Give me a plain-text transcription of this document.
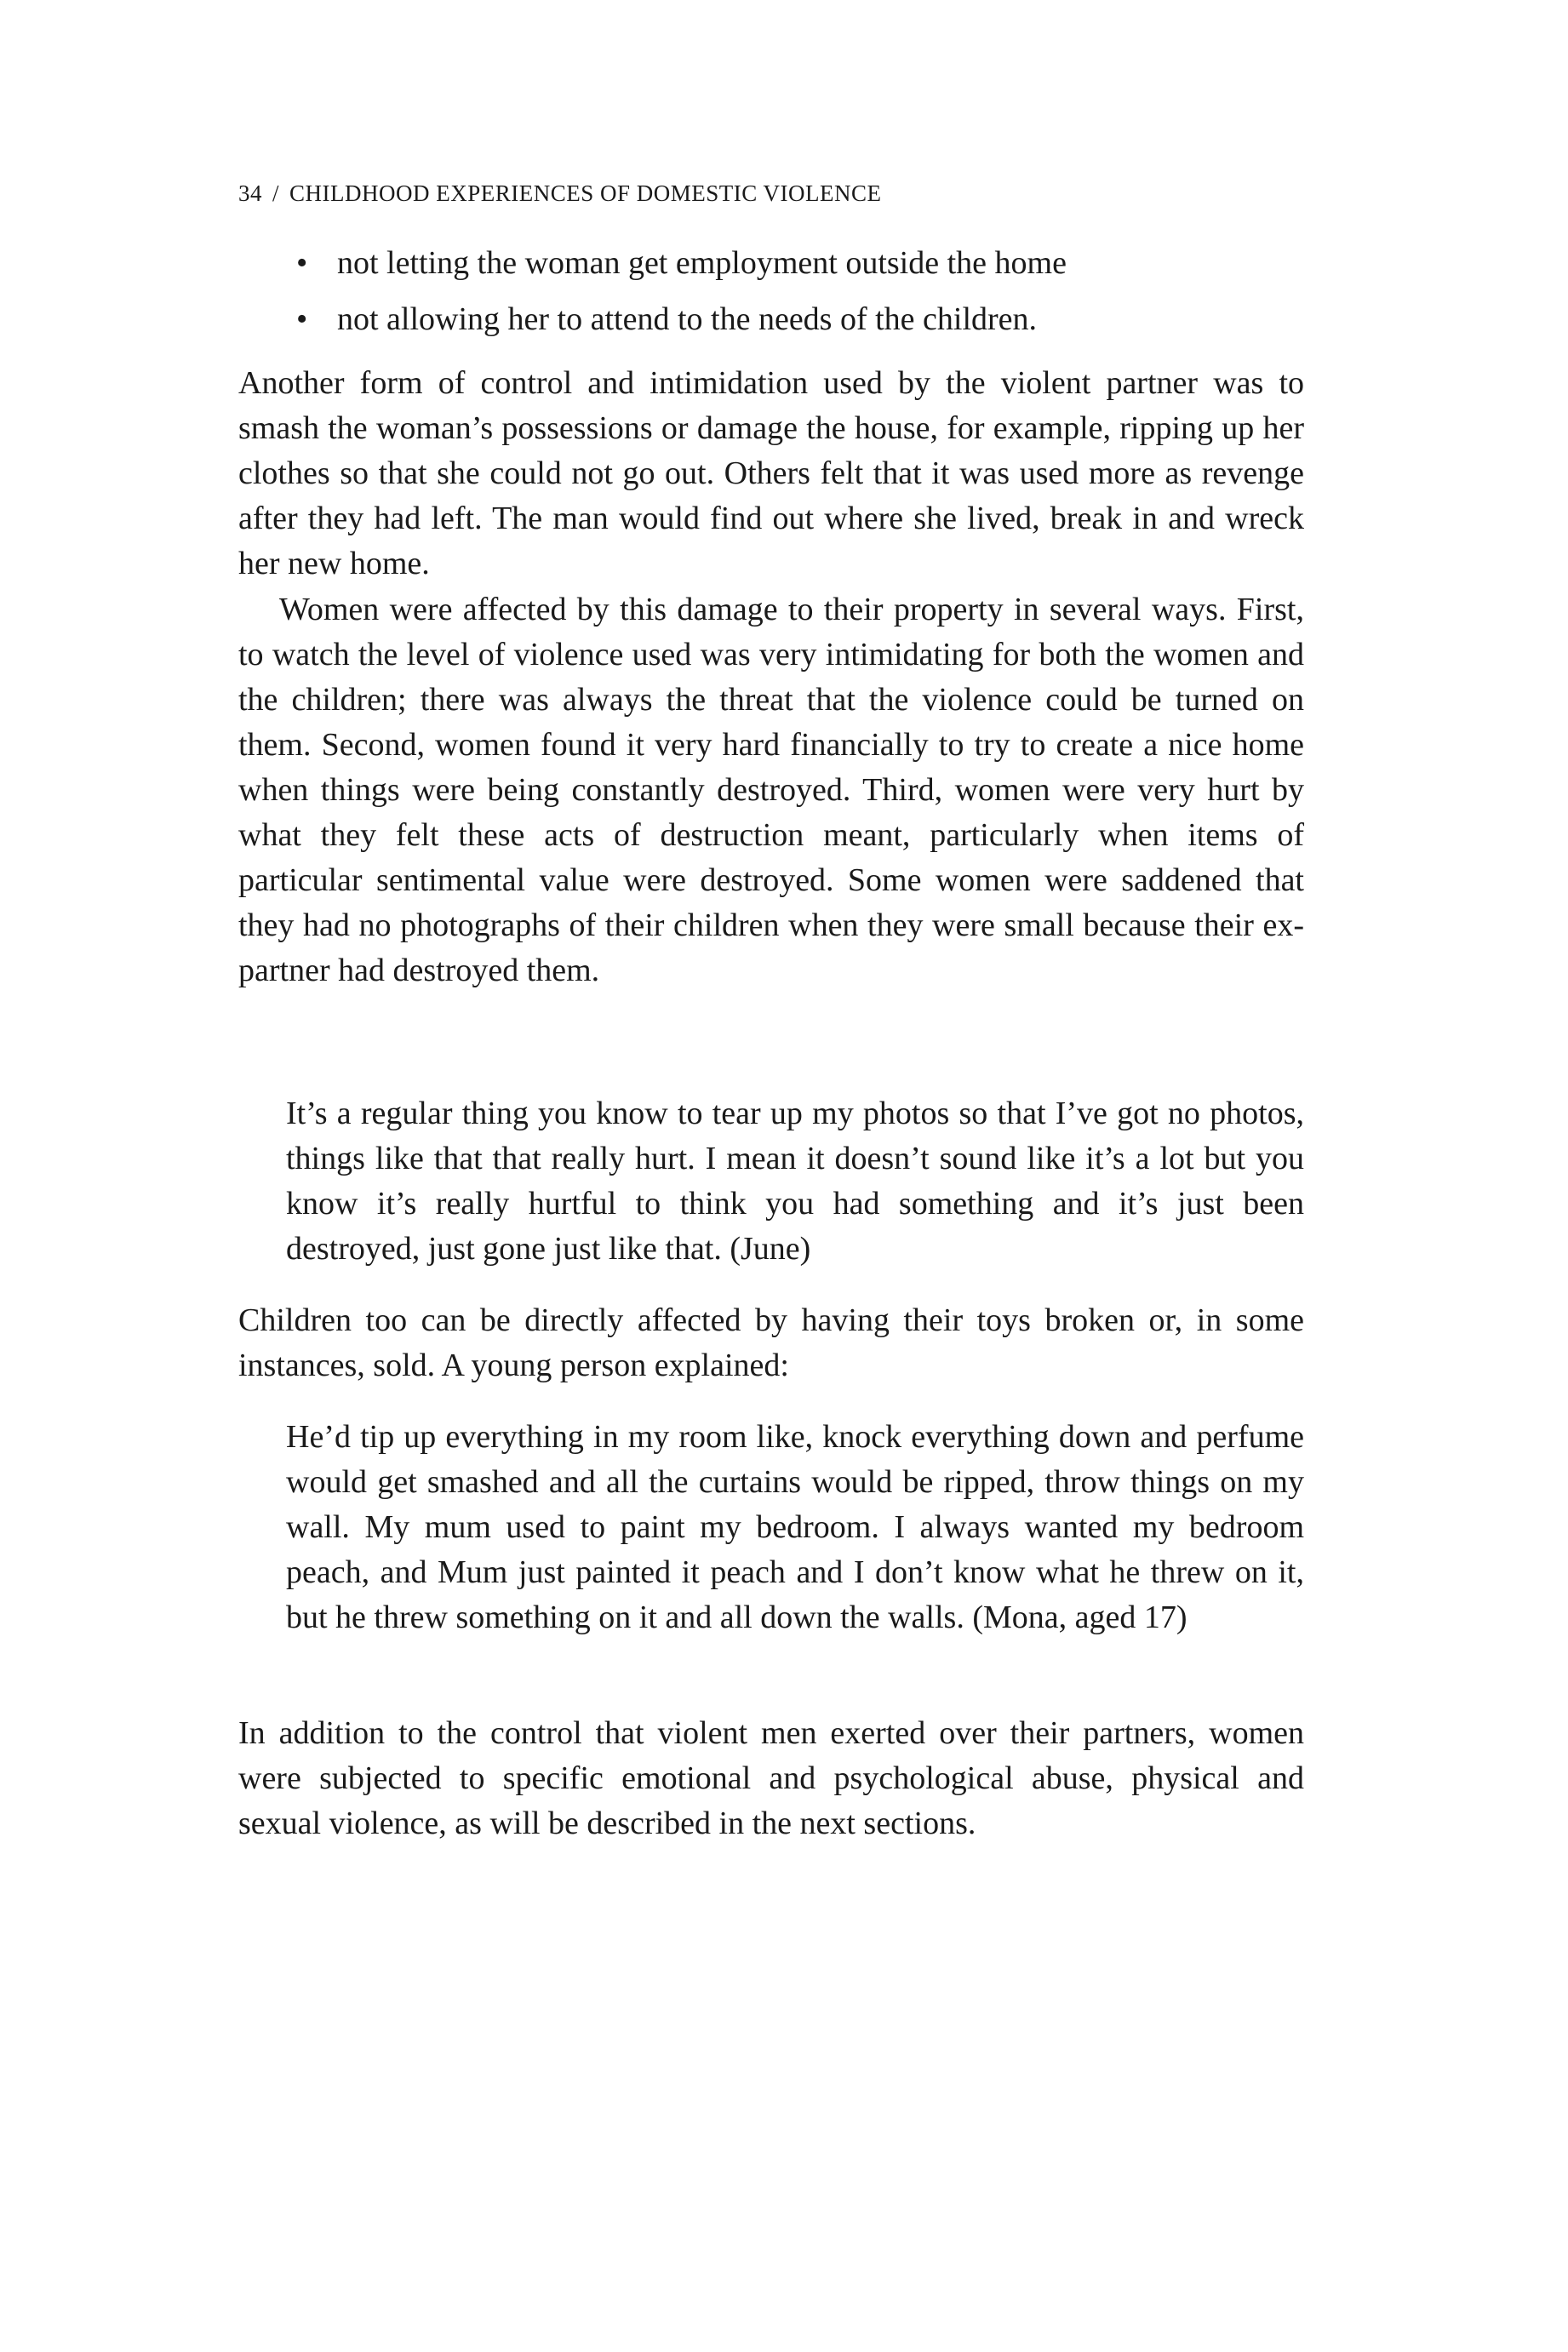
34 / CHILDHOOD EXPERIENCES OF DOMESTIC VIOLENCE
• not letting the woman get employment outside the home
• not allowing her to attend to the needs of the children.

Another form of control and intimidation used by the violent partner was to smash the woman’s possessions or damage the house, for example, ripping up her clothes so that she could not go out. Others felt that it was used more as revenge after they had left. The man would find out where she lived, break in and wreck her new home.

Women were affected by this damage to their property in several ways. First, to watch the level of violence used was very intimidating for both the women and the children; there was always the threat that the violence could be turned on them. Second, women found it very hard financially to try to create a nice home when things were being constantly destroyed. Third, women were very hurt by what they felt these acts of destruction meant, particularly when items of particular sentimental value were destroyed. Some women were saddened that they had no photographs of their children when they were small because their ex-partner had destroyed them.

It’s a regular thing you know to tear up my photos so that I’ve got no photos, things like that that really hurt. I mean it doesn’t sound like it’s a lot but you know it’s really hurtful to think you had something and it’s just been destroyed, just gone just like that. (June)

Children too can be directly affected by having their toys broken or, in some instances, sold. A young person explained:

He’d tip up everything in my room like, knock everything down and perfume would get smashed and all the curtains would be ripped, throw things on my wall. My mum used to paint my bedroom. I always wanted my bedroom peach, and Mum just painted it peach and I don’t know what he threw on it, but he threw something on it and all down the walls. (Mona, aged 17)

In addition to the control that violent men exerted over their partners, women were subjected to specific emotional and psychological abuse, physical and sexual violence, as will be described in the next sections.
